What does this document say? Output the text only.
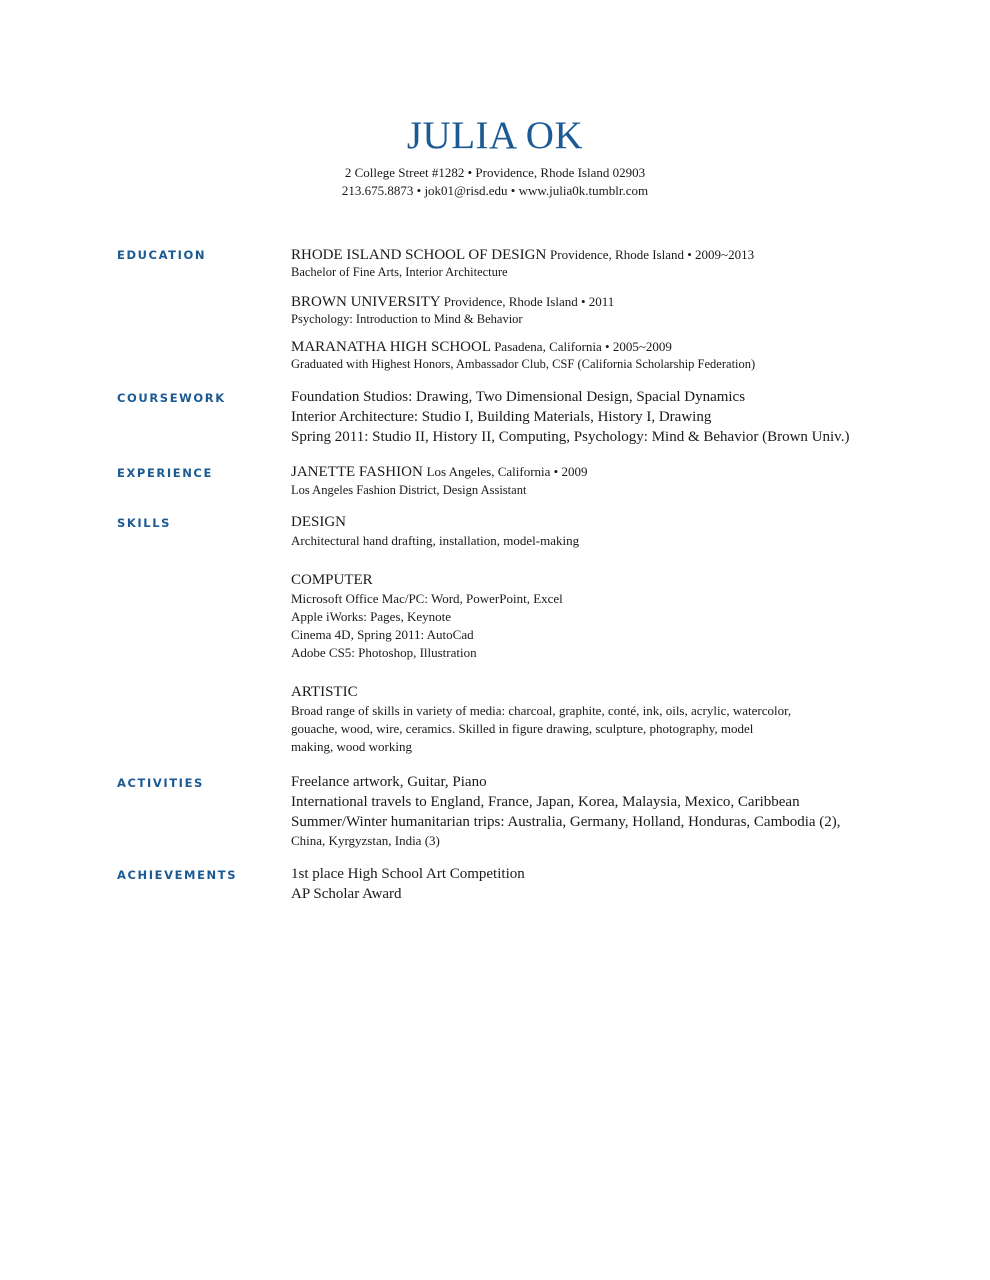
JULIA OK
2 College Street #1282 • Providence, Rhode Island 02903
213.675.8873 • jok01@risd.edu • www.julia0k.tumblr.com
EDUCATION	RHODE ISLAND SCHOOL OF DESIGN Providence, Rhode Island • 2009~2013
Bachelor of Fine Arts, Interior Architecture
BROWN UNIVERSITY Providence, Rhode Island • 2011
Psychology: Introduction to Mind & Behavior
MARANATHA HIGH SCHOOL Pasadena, California • 2005~2009
Graduated with Highest Honors, Ambassador Club, CSF (California Scholarship Federation)
COURSEWORK	Foundation Studios: Drawing, Two Dimensional Design, Spacial Dynamics
Interior Architecture: Studio I, Building Materials, History I, Drawing
Spring 2011: Studio II, History II, Computing, Psychology: Mind & Behavior (Brown Univ.)
EXPERIENCE	JANETTE FASHION Los Angeles, California • 2009
Los Angeles Fashion District, Design Assistant
SKILLS	DESIGN
Architectural hand drafting, installation, model-making
COMPUTER
Microsoft Office Mac/PC: Word, PowerPoint, Excel
Apple iWorks: Pages, Keynote
Cinema 4D, Spring 2011: AutoCad
Adobe CS5: Photoshop, Illustration
ARTISTIC
Broad range of skills in variety of media: charcoal, graphite, conté, ink, oils, acrylic, watercolor,
gouache, wood, wire, ceramics. Skilled in figure drawing, sculpture, photography, model
making, wood working
ACTIVITIES	Freelance artwork, Guitar, Piano
International travels to England, France, Japan, Korea, Malaysia, Mexico, Caribbean
Summer/Winter humanitarian trips: Australia, Germany, Holland, Honduras, Cambodia (2),
China, Kyrgyzstan, India (3)
ACHIEVEMENTS	1st place High School Art Competition
AP Scholar Award
